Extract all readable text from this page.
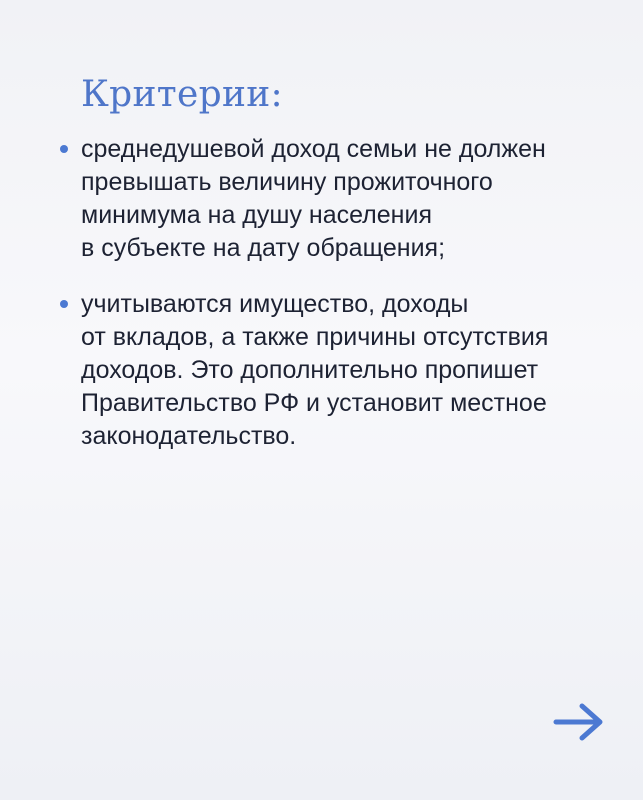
Критерии:
среднедушевой доход семьи не должен
превышать величину прожиточного
минимума на душу населения
в субъекте на дату обращения;
учитываются имущество, доходы
от вкладов, а также причины отсутствия
доходов. Это дополнительно пропишет
Правительство РФ и установит местное
законодательство.
